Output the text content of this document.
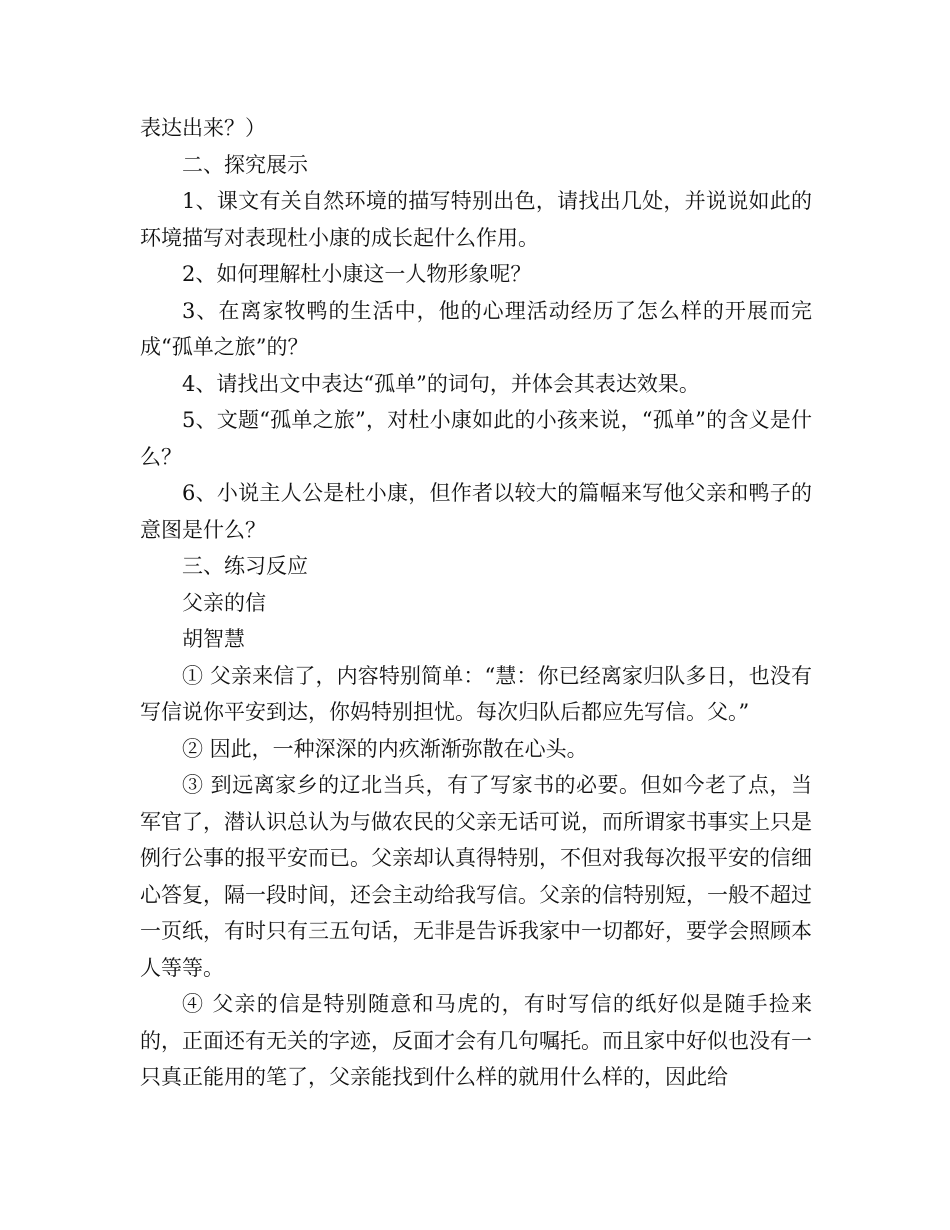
表达出来？）

二、探究展示

1、课文有关自然环境的描写特别出色，请找出几处，并说说如此的环境描写对表现杜小康的成长起什么作用。

2、如何理解杜小康这一人物形象呢？

3、在离家牧鸭的生活中，他的心理活动经历了怎么样的开展而完成“孤单之旅”的？

4、请找出文中表达“孤单”的词句，并体会其表达效果。

5、文题“孤单之旅”，对杜小康如此的小孩来说，“孤单”的含义是什么？

6、小说主人公是杜小康，但作者以较大的篇幅来写他父亲和鸭子的意图是什么？

三、练习反应

父亲的信

胡智慧

① 父亲来信了，内容特别简单：“慧：你已经离家归队多日，也没有写信说你平安到达，你妈特别担忧。每次归队后都应先写信。父。”

② 因此，一种深深的内疚渐渐弥散在心头。

③ 到远离家乡的辽北当兵，有了写家书的必要。但如今老了点，当军官了，潜认识总认为与做农民的父亲无话可说，而所谓家书事实上只是例行公事的报平安而已。父亲却认真得特别，不但对我每次报平安的信细心答复，隔一段时间，还会主动给我写信。父亲的信特别短，一般不超过一页纸，有时只有三五句话，无非是告诉我家中一切都好，要学会照顾本人等等。

④ 父亲的信是特别随意和马虎的，有时写信的纸好似是随手捡来的，正面还有无关的字迹，反面才会有几句嘱托。而且家中好似也没有一只真正能用的笔了，父亲能找到什么样的就用什么样的，因此给
